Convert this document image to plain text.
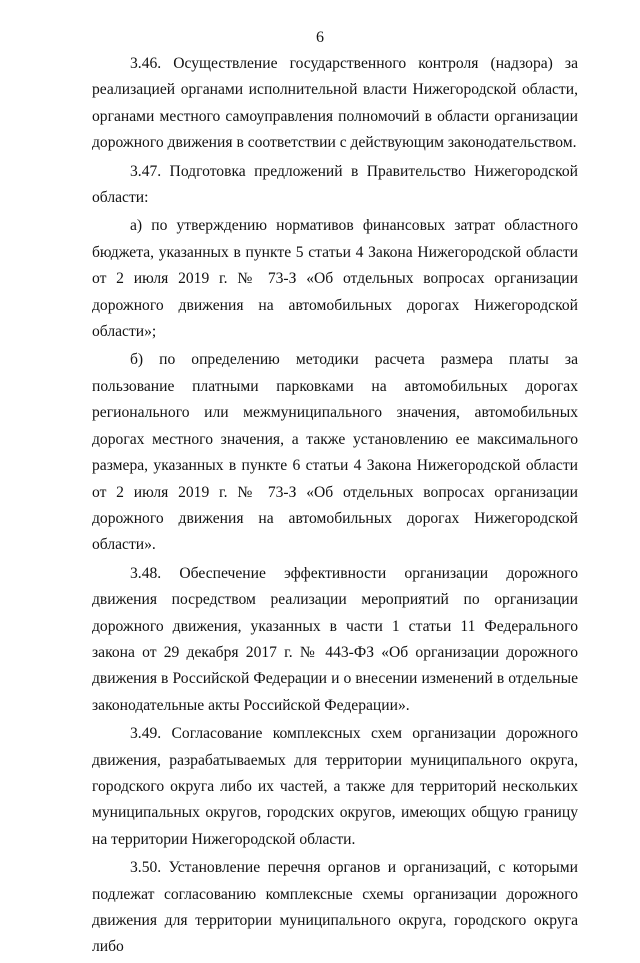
6

3.46. Осуществление государственного контроля (надзора) за реализацией органами исполнительной власти Нижегородской области, органами местного самоуправления полномочий в области организации дорожного движения в соответствии с действующим законодательством.

3.47. Подготовка предложений в Правительство Нижегородской области:

а) по утверждению нормативов финансовых затрат областного бюджета, указанных в пункте 5 статьи 4 Закона Нижегородской области от 2 июля 2019 г. № 73-З «Об отдельных вопросах организации дорожного движения на автомобильных дорогах Нижегородской области»;

б) по определению методики расчета размера платы за пользование платными парковками на автомобильных дорогах регионального или межмуниципального значения, автомобильных дорогах местного значения, а также установлению ее максимального размера, указанных в пункте 6 статьи 4 Закона Нижегородской области от 2 июля 2019 г. № 73-З «Об отдельных вопросах организации дорожного движения на автомобильных дорогах Нижегородской области».

3.48. Обеспечение эффективности организации дорожного движения посредством реализации мероприятий по организации дорожного движения, указанных в части 1 статьи 11 Федерального закона от 29 декабря 2017 г. № 443-ФЗ «Об организации дорожного движения в Российской Федерации и о внесении изменений в отдельные законодательные акты Российской Федерации».

3.49. Согласование комплексных схем организации дорожного движения, разрабатываемых для территории муниципального округа, городского округа либо их частей, а также для территорий нескольких муниципальных округов, городских округов, имеющих общую границу на территории Нижегородской области.

3.50. Установление перечня органов и организаций, с которыми подлежат согласованию комплексные схемы организации дорожного движения для территории муниципального округа, городского округа либо
